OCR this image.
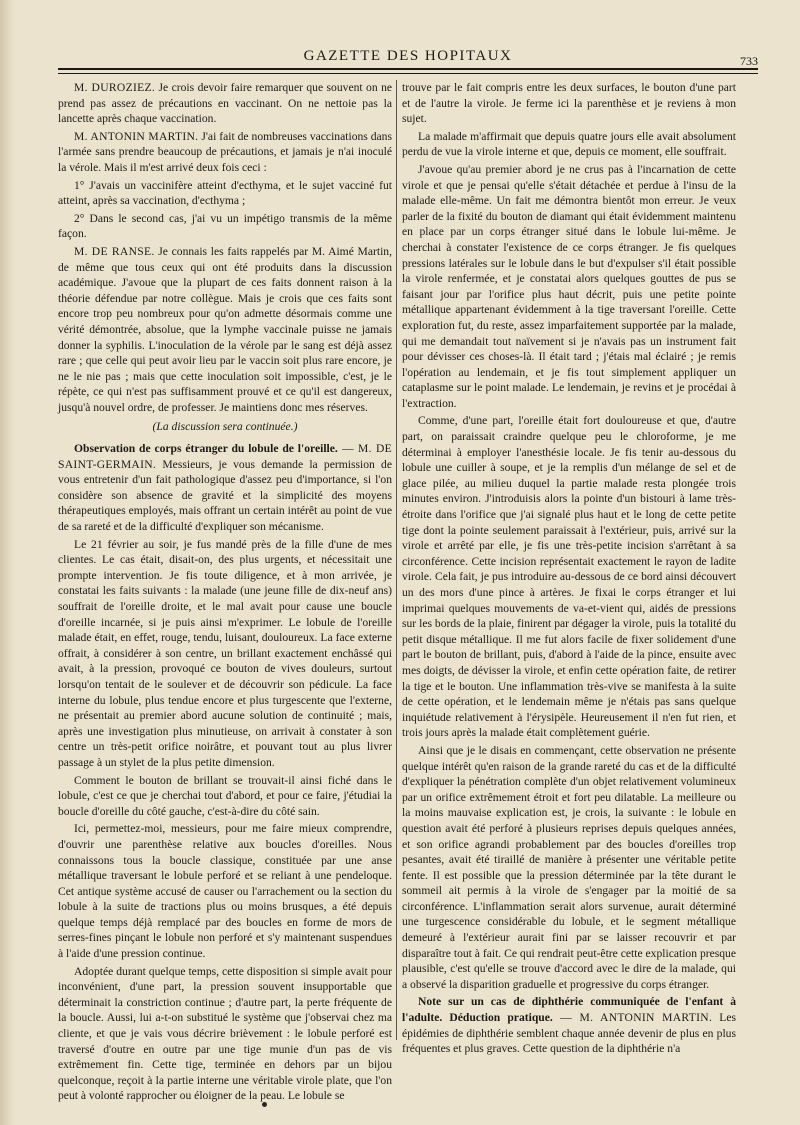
GAZETTE DES HOPITAUX	733

M. DUROZIEZ. Je crois devoir faire remarquer que souvent on ne prend pas assez de précautions en vaccinant. On ne nettoie pas la lancette après chaque vaccination.

M. ANTONIN MARTIN. J'ai fait de nombreuses vaccinations dans l'armée sans prendre beaucoup de précautions, et jamais je n'ai inoculé la vérole. Mais il m'est arrivé deux fois ceci :

1° J'avais un vaccinifère atteint d'ecthyma, et le sujet vacciné fut atteint, après sa vaccination, d'ecthyma ;

2° Dans le second cas, j'ai vu un impétigo transmis de la même façon.

M. DE RANSE. Je connais les faits rappelés par M. Aimé Martin, de même que tous ceux qui ont été produits dans la discussion académique. J'avoue que la plupart de ces faits donnent raison à la théorie défendue par notre collègue. Mais je crois que ces faits sont encore trop peu nombreux pour qu'on admette désormais comme une vérité démontrée, absolue, que la lymphe vaccinale puisse ne jamais donner la syphilis. L'inoculation de la vérole par le sang est déjà assez rare ; que celle qui peut avoir lieu par le vaccin soit plus rare encore, je ne le nie pas ; mais que cette inoculation soit impossible, c'est, je le répète, ce qui n'est pas suffisamment prouvé et ce qu'il est dangereux, jusqu'à nouvel ordre, de professer. Je maintiens donc mes réserves.

(La discussion sera continuée.)

Observation de corps étranger du lobule de l'oreille. — M. DE SAINT-GERMAIN. Messieurs, je vous demande la permission de vous entretenir d'un fait pathologique d'assez peu d'importance, si l'on considère son absence de gravité et la simplicité des moyens thérapeutiques employés, mais offrant un certain intérêt au point de vue de sa rareté et de la difficulté d'expliquer son mécanisme.

Le 21 février au soir, je fus mandé près de la fille d'une de mes clientes. Le cas était, disait-on, des plus urgents, et nécessitait une prompte intervention. Je fis toute diligence, et à mon arrivée, je constatai les faits suivants : la malade (une jeune fille de dix-neuf ans) souffrait de l'oreille droite, et le mal avait pour cause une boucle d'oreille incarnée, si je puis ainsi m'exprimer. Le lobule de l'oreille malade était, en effet, rouge, tendu, luisant, douloureux. La face externe offrait, à considérer à son centre, un brillant exactement enchâssé qui avait, à la pression, provoqué ce bouton de vives douleurs, surtout lorsqu'on tentait de le soulever et de découvrir son pédicule. La face interne du lobule, plus tendue encore et plus turgescente que l'externe, ne présentait au premier abord aucune solution de continuité ; mais, après une investigation plus minutieuse, on arrivait à constater à son centre un très-petit orifice noirâtre, et pouvant tout au plus livrer passage à un stylet de la plus petite dimension.

Comment le bouton de brillant se trouvait-il ainsi fiché dans le lobule, c'est ce que je cherchai tout d'abord, et pour ce faire, j'étudiai la boucle d'oreille du côté gauche, c'est-à-dire du côté sain.

Ici, permettez-moi, messieurs, pour me faire mieux comprendre, d'ouvrir une parenthèse relative aux boucles d'oreilles. Nous connaissons tous la boucle classique, constituée par une anse métallique traversant le lobule perforé et se reliant à une pendeloque. Cet antique système accusé de causer ou l'arrachement ou la section du lobule à la suite de tractions plus ou moins brusques, a été depuis quelque temps déjà remplacé par des boucles en forme de mors de serres-fines pinçant le lobule non perforé et s'y maintenant suspendues à l'aide d'une pression continue.

Adoptée durant quelque temps, cette disposition si simple avait pour inconvénient, d'une part, la pression souvent insupportable que déterminait la constriction continue ; d'autre part, la perte fréquente de la boucle. Aussi, lui a-t-on substitué le système que j'observai chez ma cliente, et que je vais vous décrire brièvement : le lobule perforé est traversé d'outre en outre par une tige munie d'un pas de vis extrêmement fin. Cette tige, terminée en dehors par un bijou quelconque, reçoit à la partie interne une véritable virole plate, que l'on peut à volonté rapprocher ou éloigner de la peau. Le lobule se

trouve par le fait compris entre les deux surfaces, le bouton d'une part et de l'autre la virole. Je ferme ici la parenthèse et je reviens à mon sujet.

La malade m'affirmait que depuis quatre jours elle avait absolument perdu de vue la virole interne et que, depuis ce moment, elle souffrait.

J'avoue qu'au premier abord je ne crus pas à l'incarnation de cette virole et que je pensai qu'elle s'était détachée et perdue à l'insu de la malade elle-même. Un fait me démontra bientôt mon erreur. Je veux parler de la fixité du bouton de diamant qui était évidemment maintenu en place par un corps étranger situé dans le lobule lui-même. Je cherchai à constater l'existence de ce corps étranger. Je fis quelques pressions latérales sur le lobule dans le but d'expulser s'il était possible la virole renfermée, et je constatai alors quelques gouttes de pus se faisant jour par l'orifice plus haut décrit, puis une petite pointe métallique appartenant évidemment à la tige traversant l'oreille. Cette exploration fut, du reste, assez imparfaitement supportée par la malade, qui me demandait tout naïvement si je n'avais pas un instrument fait pour dévisser ces choses-là. Il était tard ; j'étais mal éclairé ; je remis l'opération au lendemain, et je fis tout simplement appliquer un cataplasme sur le point malade. Le lendemain, je revins et je procédai à l'extraction.

Comme, d'une part, l'oreille était fort douloureuse et que, d'autre part, on paraissait craindre quelque peu le chloroforme, je me déterminai à employer l'anesthésie locale. Je fis tenir au-dessous du lobule une cuiller à soupe, et je la remplis d'un mélange de sel et de glace pilée, au milieu duquel la partie malade resta plongée trois minutes environ. J'introduisis alors la pointe d'un bistouri à lame très-étroite dans l'orifice que j'ai signalé plus haut et le long de cette petite tige dont la pointe seulement paraissait à l'extérieur, puis, arrivé sur la virole et arrêté par elle, je fis une très-petite incision s'arrêtant à sa circonférence. Cette incision représentait exactement le rayon de ladite virole. Cela fait, je pus introduire au-dessous de ce bord ainsi découvert un des mors d'une pince à artères. Je fixai le corps étranger et lui imprimai quelques mouvements de va-et-vient qui, aidés de pressions sur les bords de la plaie, finirent par dégager la virole, puis la totalité du petit disque métallique. Il me fut alors facile de fixer solidement d'une part le bouton de brillant, puis, d'abord à l'aide de la pince, ensuite avec mes doigts, de dévisser la virole, et enfin cette opération faite, de retirer la tige et le bouton. Une inflammation très-vive se manifesta à la suite de cette opération, et le lendemain même je n'étais pas sans quelque inquiétude relativement à l'érysipèle. Heureusement il n'en fut rien, et trois jours après la malade était complètement guérie.

Ainsi que je le disais en commençant, cette observation ne présente quelque intérêt qu'en raison de la grande rareté du cas et de la difficulté d'expliquer la pénétration complète d'un objet relativement volumineux par un orifice extrêmement étroit et fort peu dilatable. La meilleure ou la moins mauvaise explication est, je crois, la suivante : le lobule en question avait été perforé à plusieurs reprises depuis quelques années, et son orifice agrandi probablement par des boucles d'oreilles trop pesantes, avait été tiraillé de manière à présenter une véritable petite fente. Il est possible que la pression déterminée par la tête durant le sommeil ait permis à la virole de s'engager par la moitié de sa circonférence. L'inflammation serait alors survenue, aurait déterminé une turgescence considérable du lobule, et le segment métallique demeuré à l'extérieur aurait fini par se laisser recouvrir et par disparaître tout à fait. Ce qui rendrait peut-être cette explication presque plausible, c'est qu'elle se trouve d'accord avec le dire de la malade, qui a observé la disparition graduelle et progressive du corps étranger.

Note sur un cas de diphthérie communiquée de l'enfant à l'adulte. Déduction pratique. — M. ANTONIN MARTIN. Les épidémies de diphthérie semblent chaque année devenir de plus en plus fréquentes et plus graves. Cette question de la diphthérie n'a
